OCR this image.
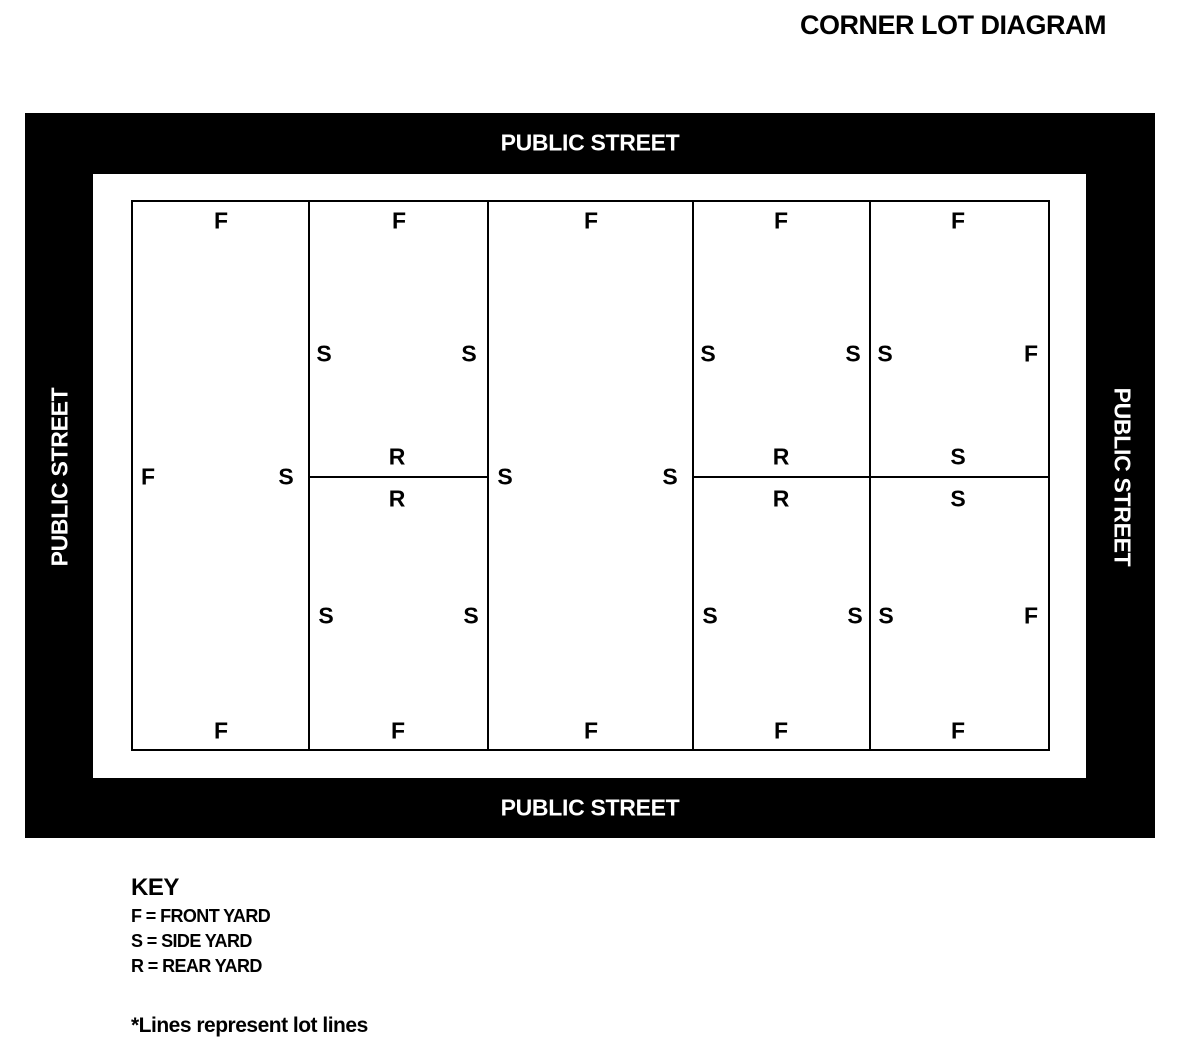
CORNER LOT DIAGRAM
PUBLIC STREET
PUBLIC STREET
PUBLIC STREET	PUBLIC STREET
F
F
S
F
F
S	S
R
R
S	S
F
F
S	S
F
F
S	S
R
R
S	S
F
F
S	F
S
S
S	F
F
KEY
F = FRONT YARD
S = SIDE YARD
R = REAR YARD
*Lines represent lot lines
